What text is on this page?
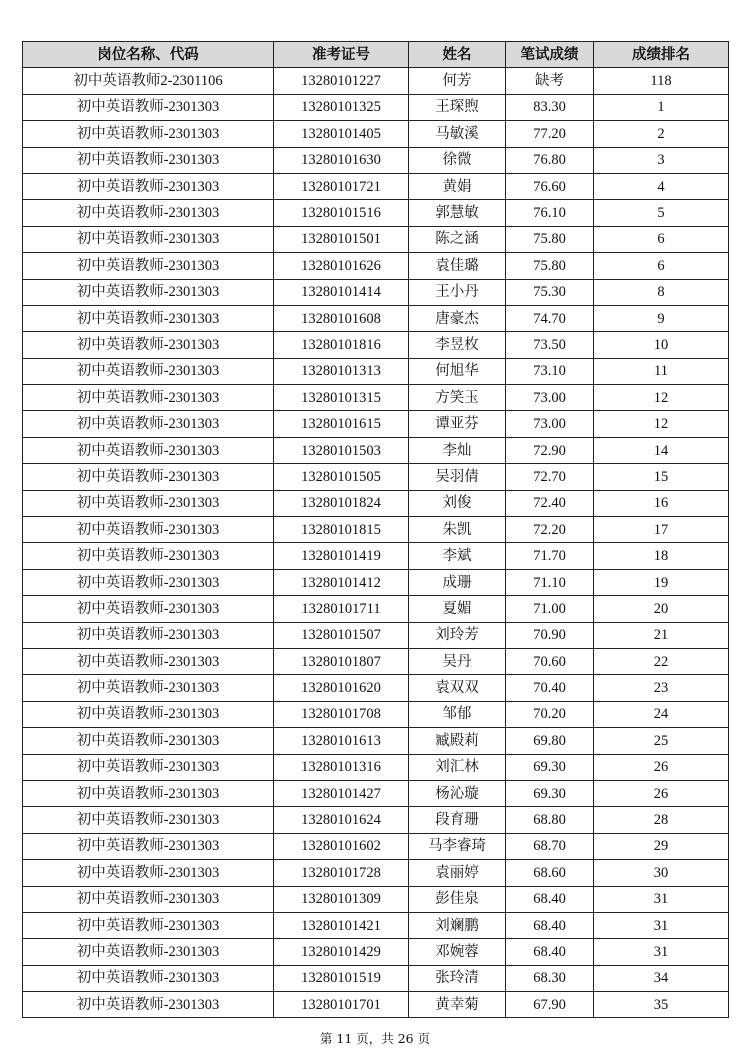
岗位名称、代码	准考证号	姓名	笔试成绩	成绩排名
初中英语教师2-2301106	13280101227	何芳	缺考	118
初中英语教师-2301303	13280101325	王琛煦	83.30	1
初中英语教师-2301303	13280101405	马敏溪	77.20	2
初中英语教师-2301303	13280101630	徐微	76.80	3
初中英语教师-2301303	13280101721	黄娟	76.60	4
初中英语教师-2301303	13280101516	郭慧敏	76.10	5
初中英语教师-2301303	13280101501	陈之涵	75.80	6
初中英语教师-2301303	13280101626	袁佳璐	75.80	6
初中英语教师-2301303	13280101414	王小丹	75.30	8
初中英语教师-2301303	13280101608	唐豪杰	74.70	9
初中英语教师-2301303	13280101816	李昱枚	73.50	10
初中英语教师-2301303	13280101313	何旭华	73.10	11
初中英语教师-2301303	13280101315	方笑玉	73.00	12
初中英语教师-2301303	13280101615	谭亚芬	73.00	12
初中英语教师-2301303	13280101503	李灿	72.90	14
初中英语教师-2301303	13280101505	吴羽倩	72.70	15
初中英语教师-2301303	13280101824	刘俊	72.40	16
初中英语教师-2301303	13280101815	朱凯	72.20	17
初中英语教师-2301303	13280101419	李斌	71.70	18
初中英语教师-2301303	13280101412	成珊	71.10	19
初中英语教师-2301303	13280101711	夏媚	71.00	20
初中英语教师-2301303	13280101507	刘玲芳	70.90	21
初中英语教师-2301303	13280101807	吴丹	70.60	22
初中英语教师-2301303	13280101620	袁双双	70.40	23
初中英语教师-2301303	13280101708	邹郁	70.20	24
初中英语教师-2301303	13280101613	臧殿莉	69.80	25
初中英语教师-2301303	13280101316	刘汇林	69.30	26
初中英语教师-2301303	13280101427	杨沁璇	69.30	26
初中英语教师-2301303	13280101624	段育珊	68.80	28
初中英语教师-2301303	13280101602	马李睿琦	68.70	29
初中英语教师-2301303	13280101728	袁丽婷	68.60	30
初中英语教师-2301303	13280101309	彭佳泉	68.40	31
初中英语教师-2301303	13280101421	刘斓鹏	68.40	31
初中英语教师-2301303	13280101429	邓婉蓉	68.40	31
初中英语教师-2301303	13280101519	张玲清	68.30	34
初中英语教师-2301303	13280101701	黄幸菊	67.90	35
第 11 页，共 26 页
